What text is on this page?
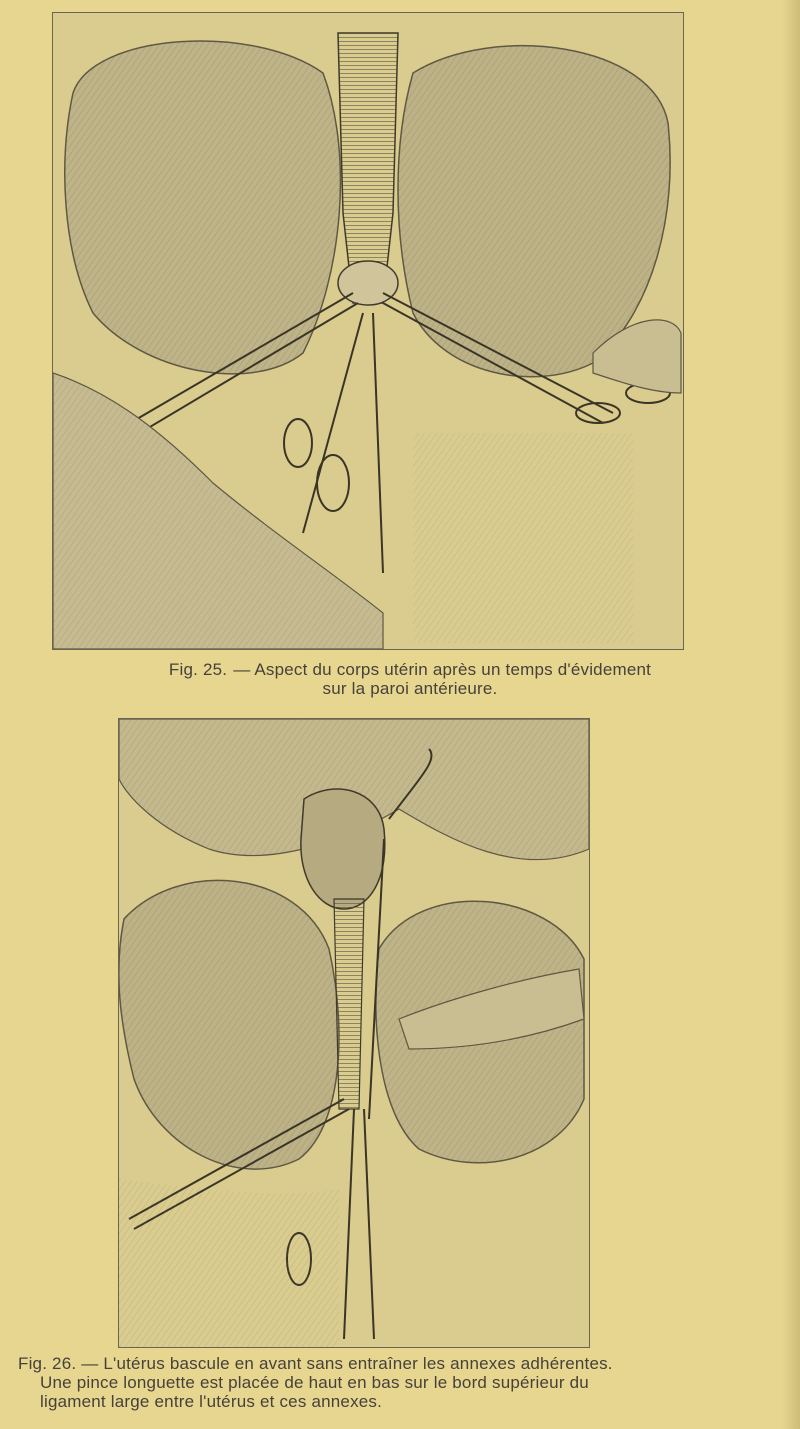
Fig. 25. — Aspect du corps utérin après un temps d'évidement
sur la paroi antérieure.
Fig. 26. — L'utérus bascule en avant sans entraîner les annexes adhérentes.
Une pince longuette est placée de haut en bas sur le bord supérieur du
ligament large entre l'utérus et ces annexes.
